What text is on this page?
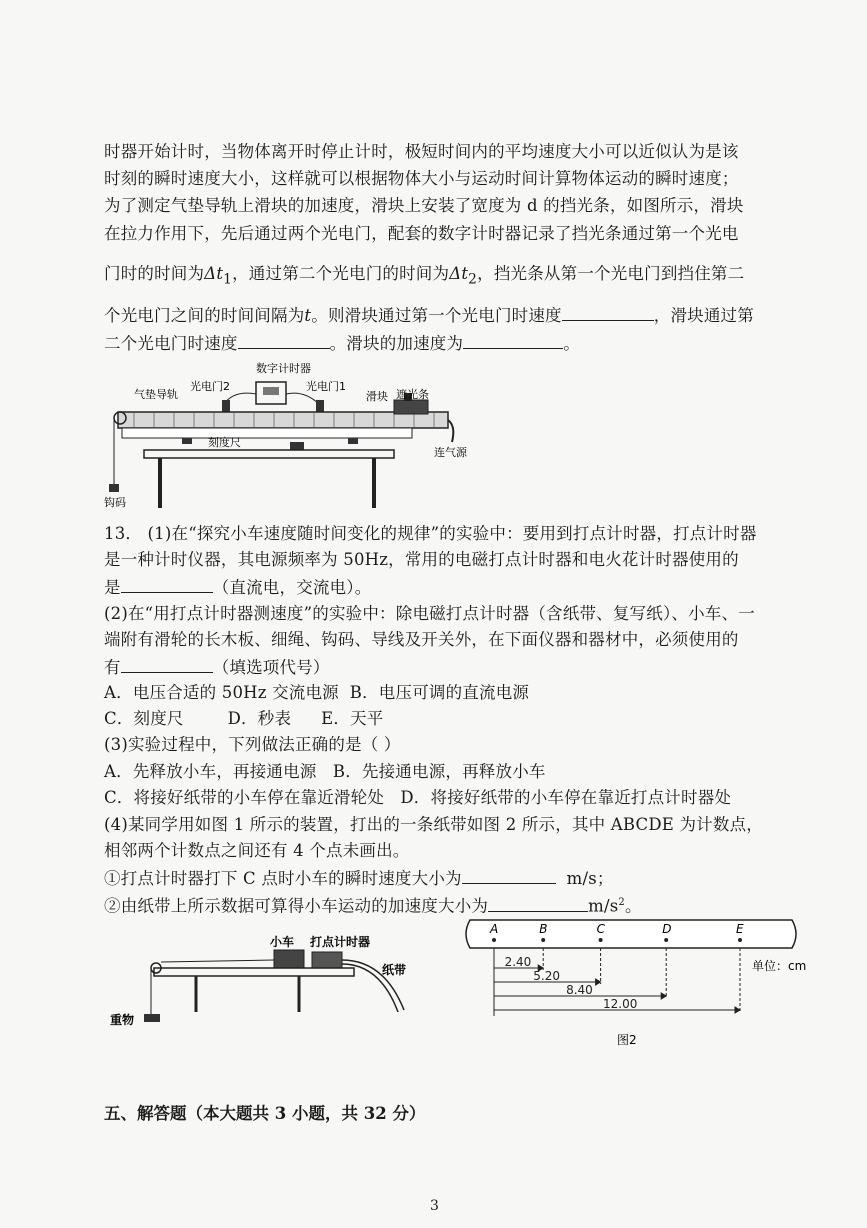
时器开始计时，当物体离开时停止计时，极短时间内的平均速度大小可以近似认为是该
时刻的瞬时速度大小，这样就可以根据物体大小与运动时间计算物体运动的瞬时速度；
为了测定气垫导轨上滑块的加速度，滑块上安装了宽度为 d 的挡光条，如图所示，滑块
在拉力作用下，先后通过两个光电门，配套的数字计时器记录了挡光条通过第一个光电
门时的时间为$\Delta t_1$，通过第二个光电门的时间为$\Delta t_2$，挡光条从第一个光电门到挡住第二
个光电门之间的时间间隔为t。则滑块通过第一个光电门时速度	，滑块通过第
二个光电门时速度	。滑块的加速度为	。
数字计时器
气垫导轨
光电门2	光电门1
滑块 遮光条
刻度尺
连气源
钩码
13． (1)在“探究小车速度随时间变化的规律”的实验中：要用到打点计时器，打点计时器
是一种计时仪器，其电源频率为 50Hz，常用的电磁打点计时器和电火花计时器使用的
是	（直流电，交流电）。
(2)在“用打点计时器测速度”的实验中：除电磁打点计时器（含纸带、复写纸）、小车、一
端附有滑轮的长木板、细绳、钩码、导线及开关外，在下面仪器和器材中，必须使用的
有	（填选项代号）
A．电压合适的 50Hz 交流电源 B．电压可调的直流电源
C．刻度尺	D．秒表 E．天平
(3)实验过程中，下列做法正确的是（ ）
A．先释放小车，再接通电源 B．先接通电源，再释放小车
C．将接好纸带的小车停在靠近滑轮处 D．将接好纸带的小车停在靠近打点计时器处
(4)某同学用如图 1 所示的装置，打出的一条纸带如图 2 所示，其中 ABCDE 为计数点，
相邻两个计数点之间还有 4 个点未画出。
①打点计时器打下 C 点时小车的瞬时速度大小为	m/s；
②由纸带上所示数据可算得小车运动的加速度大小为	$m/s^2$。
小车 打点计时器
纸带
重物
A	B	C	D	E
2.40
5.20
8.40
12.00
单位：cm
图2
五、解答题（本大题共 3 小题，共 32 分）
3
